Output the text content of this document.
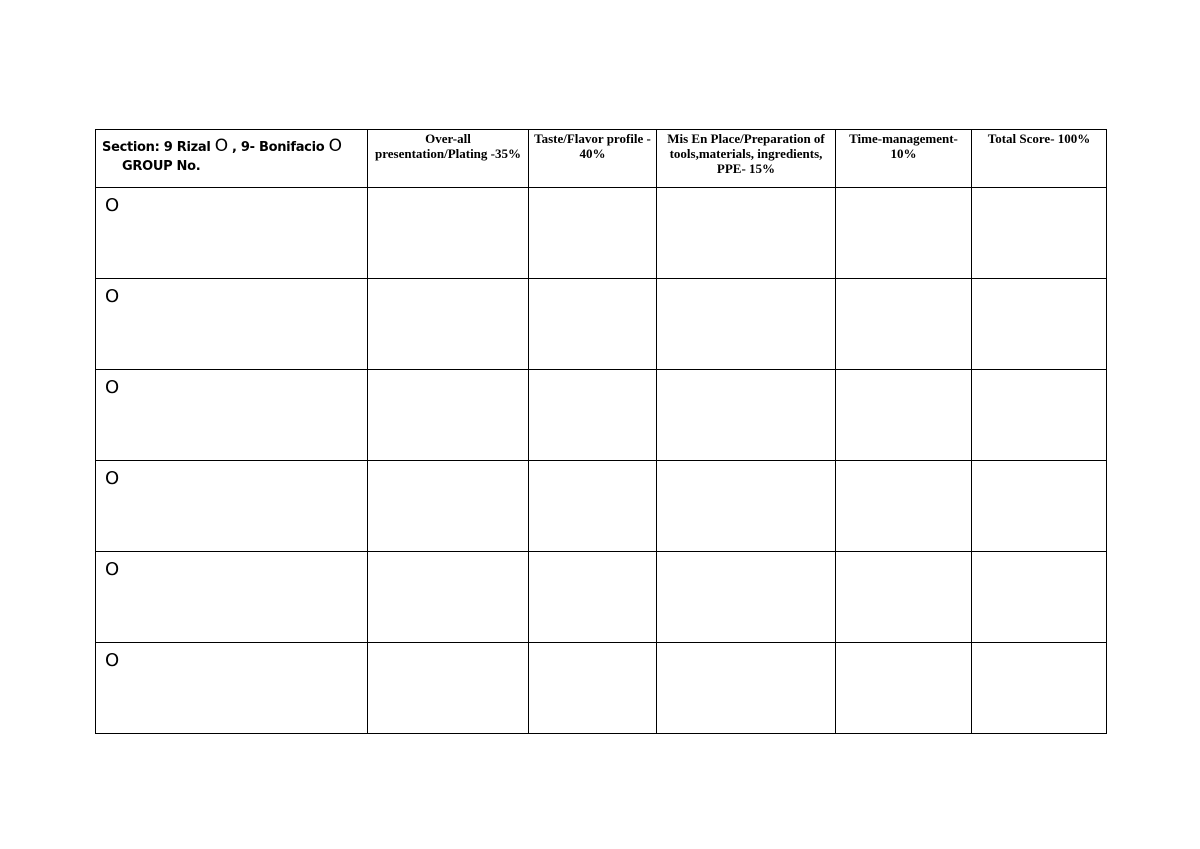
Section: 9 Rizal O , 9- Bonifacio O
GROUP No.	Over-all presentation/Plating -35%	Taste/Flavor profile - 40%	Mis En Place/Preparation of tools,materials, ingredients, PPE- 15%	Time-management- 10%	Total Score- 100%
O					
O					
O					
O					
O					
O					
